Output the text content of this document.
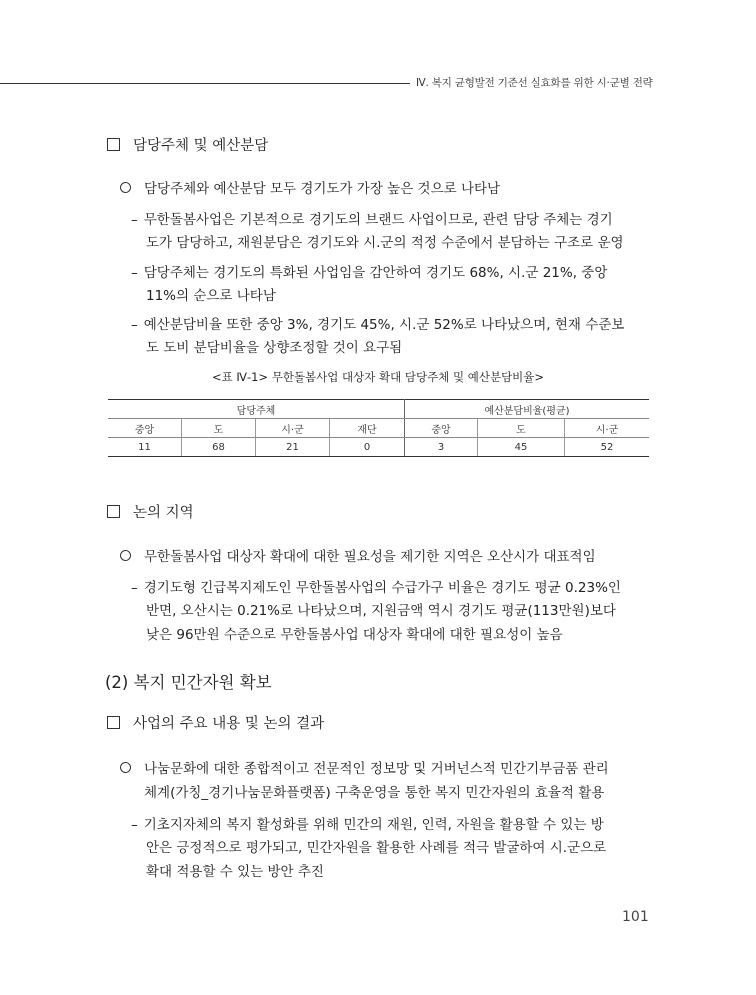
Ⅳ. 복지 균형발전 기준선 실효화를 위한 시·군별 전략
담당주체 및 예산분담
담당주체와 예산분담 모두 경기도가 가장 높은 것으로 나타남
– 무한돌봄사업은 기본적으로 경기도의 브랜드 사업이므로, 관련 담당 주체는 경기
도가 담당하고, 재원분담은 경기도와 시.군의 적정 수준에서 분담하는 구조로 운영
– 담당주체는 경기도의 특화된 사업임을 감안하여 경기도 68%, 시.군 21%, 중앙
11%의 순으로 나타남
– 예산분담비율 또한 중앙 3%, 경기도 45%, 시.군 52%로 나타났으며, 현재 수준보
도 도비 분담비율을 상향조정할 것이 요구됨
<표 Ⅳ-1> 무한돌봄사업 대상자 확대 담당주체 및 예산분담비율>
담당주체				예산분담비율(평균)		
중앙	도	시·군	재단	중앙	도	시·군
11	68	21	0	3	45	52
논의 지역
무한돌봄사업 대상자 확대에 대한 필요성을 제기한 지역은 오산시가 대표적임
– 경기도형 긴급복지제도인 무한돌봄사업의 수급가구 비율은 경기도 평균 0.23%인
반면, 오산시는 0.21%로 나타났으며, 지원금액 역시 경기도 평균(113만원)보다
낮은 96만원 수준으로 무한돌봄사업 대상자 확대에 대한 필요성이 높음
(2) 복지 민간자원 확보
사업의 주요 내용 및 논의 결과
나눔문화에 대한 종합적이고 전문적인 정보망 및 거버넌스적 민간기부금품 관리
체계(가칭_경기나눔문화플랫폼) 구축운영을 통한 복지 민간자원의 효율적 활용
– 기초지자체의 복지 활성화를 위해 민간의 재원, 인력, 자원을 활용할 수 있는 방
안은 긍정적으로 평가되고, 민간자원을 활용한 사례를 적극 발굴하여 시.군으로
확대 적용할 수 있는 방안 추진
101
